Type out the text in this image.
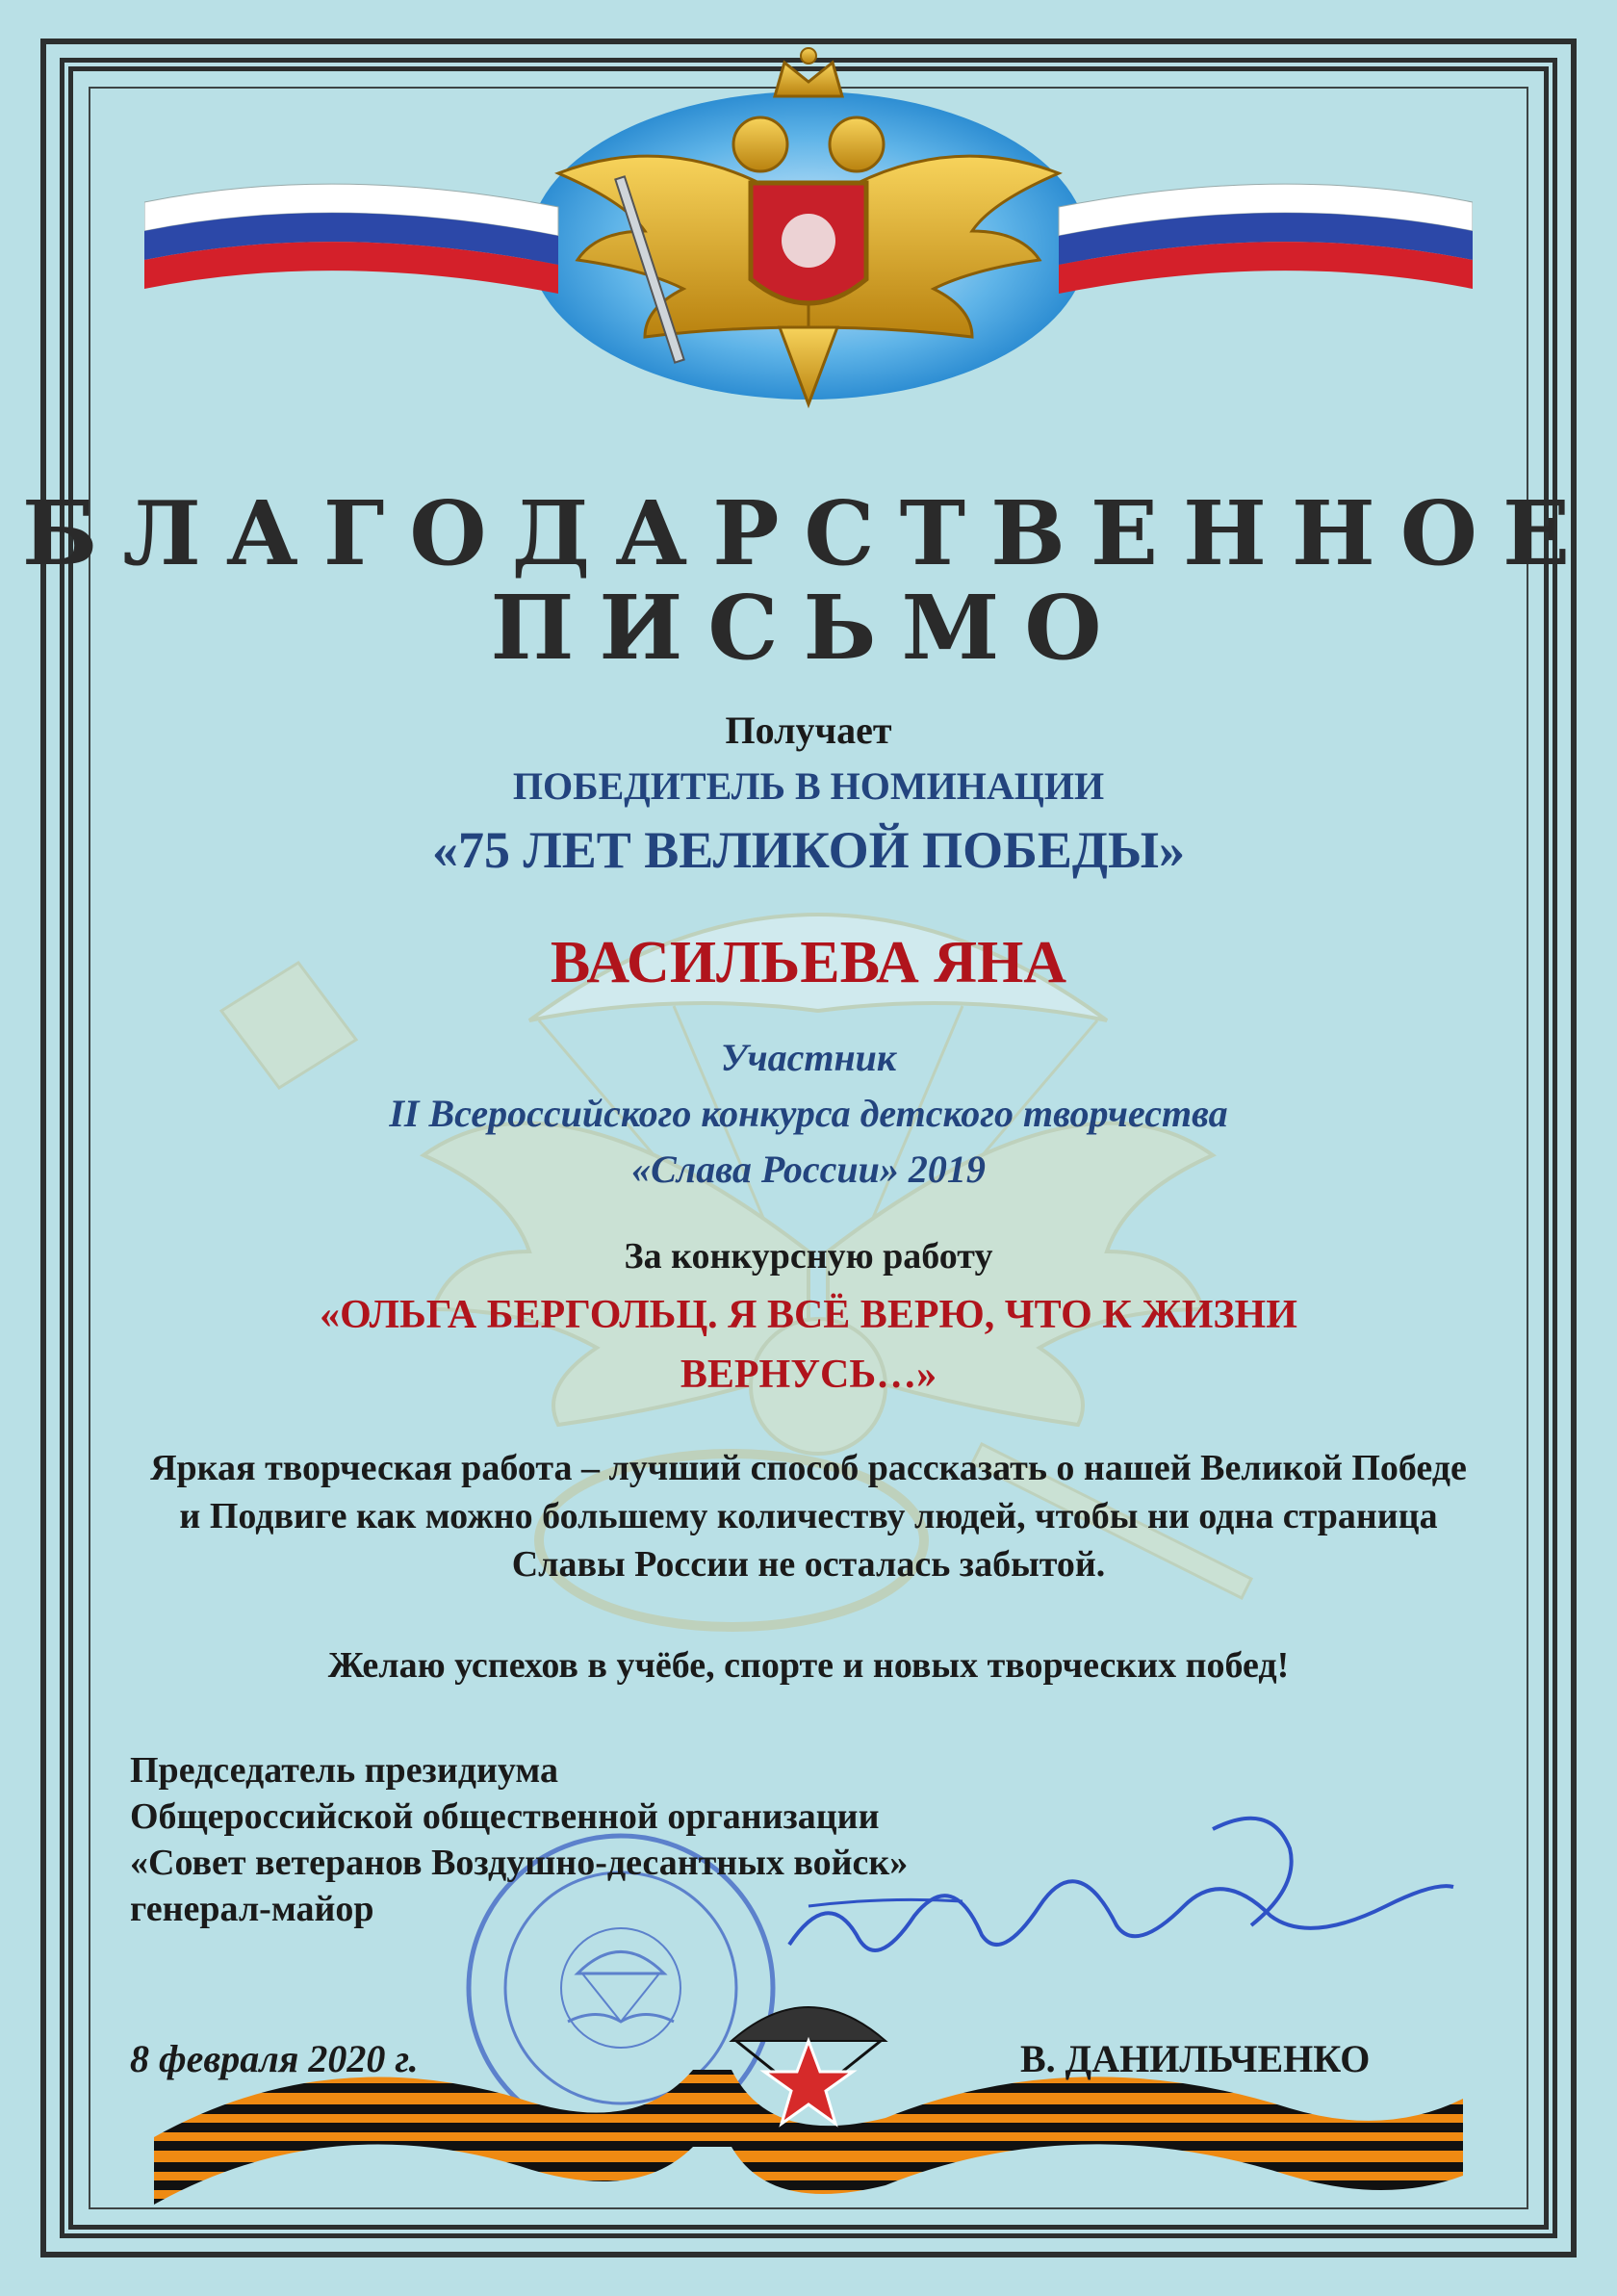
БЛАГОДАРСТВЕННОЕ

ПИСЬМО

Получает

ПОБЕДИТЕЛЬ В НОМИНАЦИИ

«75 ЛЕТ ВЕЛИКОЙ ПОБЕДЫ»

ВАСИЛЬЕВА ЯНА

Участник

II Всероссийского конкурса детского творчества

«Слава России» 2019

За конкурсную работу

«ОЛЬГА БЕРГОЛЬЦ. Я ВСЁ ВЕРЮ, ЧТО К ЖИЗНИ ВЕРНУСЬ…»

Яркая творческая работа – лучший способ рассказать о нашей Великой Победе и Подвиге как можно большему количеству людей, чтобы ни одна страница Славы России не осталась забытой.

Желаю успехов в учёбе, спорте и новых творческих побед!

Председатель президиума
Общероссийской общественной организации
«Совет ветеранов Воздушно-десантных войск»
генерал-майор

8 февраля 2020 г.	В. ДАНИЛЬЧЕНКО
